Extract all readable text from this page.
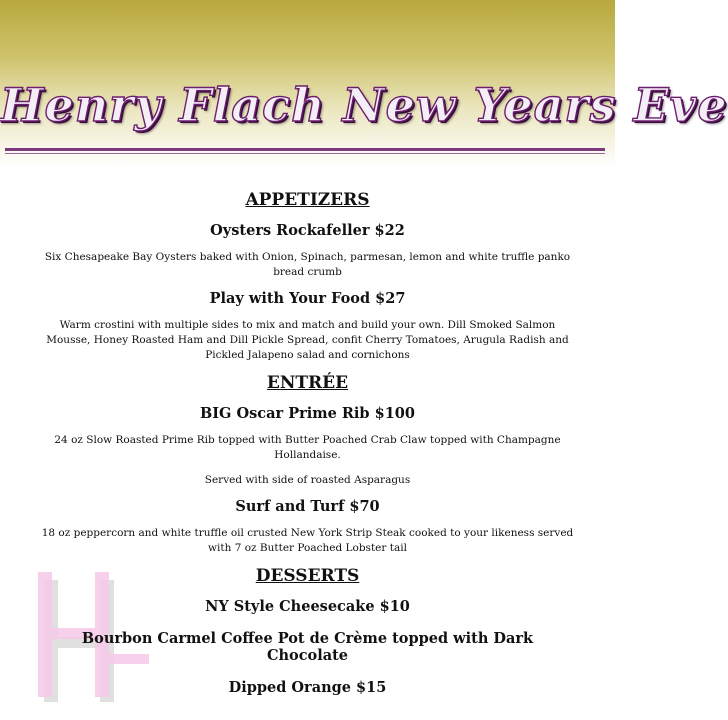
Henry Flach New Years Eve
APPETIZERS
Oysters Rockafeller $22
Six Chesapeake Bay Oysters baked with Onion, Spinach, parmesan, lemon and white truffle panko bread crumb
Play with Your Food $27
Warm crostini with multiple sides to mix and match and build your own. Dill Smoked Salmon Mousse, Honey Roasted Ham and Dill Pickle Spread, confit Cherry Tomatoes, Arugula Radish and Pickled Jalapeno salad and cornichons
ENTRÉE
BIG Oscar Prime Rib $100
24 oz Slow Roasted Prime Rib topped with Butter Poached Crab Claw topped with Champagne Hollandaise.
Served with side of roasted Asparagus
Surf and Turf $70
18 oz peppercorn and white truffle oil crusted New York Strip Steak cooked to your likeness served with 7 oz Butter Poached Lobster tail
DESSERTS
NY Style Cheesecake $10
Bourbon Carmel Coffee Pot de Crème topped with Dark Chocolate
Dipped Orange $15
